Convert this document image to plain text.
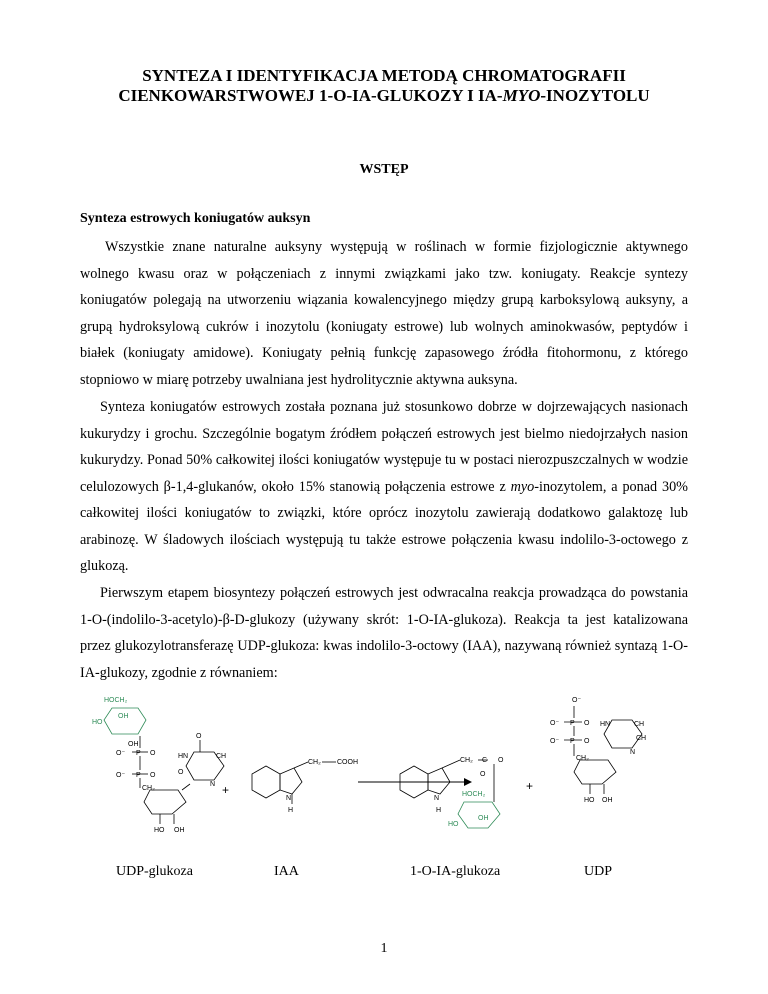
SYNTEZA I IDENTYFIKACJA METODĄ CHROMATOGRAFII
CIENKOWARSTWOWEJ 1-O-IA-GLUKOZY I IA-MYO-INOZYTOLU
WSTĘP
Synteza estrowych koniugatów auksyn

Wszystkie znane naturalne auksyny występują w roślinach w formie fizjologicznie aktywnego wolnego kwasu oraz w połączeniach z innymi związkami jako tzw. koniugaty. Reakcje syntezy koniugatów polegają na utworzeniu wiązania kowalencyjnego między grupą karboksylową auksyny, a grupą hydroksylową cukrów i inozytolu (koniugaty estrowe) lub wolnych aminokwasów, peptydów i białek (koniugaty amidowe). Koniugaty pełnią funkcję zapasowego źródła fitohormonu, z którego stopniowo w miarę potrzeby uwalniana jest hydrolitycznie aktywna auksyna.

Synteza koniugatów estrowych została poznana już stosunkowo dobrze w dojrzewających nasionach kukurydzy i grochu. Szczególnie bogatym źródłem połączeń estrowych jest bielmo niedojrzałych nasion kukurydzy. Ponad 50% całkowitej ilości koniugatów występuje tu w postaci nierozpuszczalnych w wodzie celulozowych β-1,4-glukanów, około 15% stanowią połączenia estrowe z myo-inozytolem, a ponad 30% całkowitej ilości koniugatów to związki, które oprócz inozytolu zawierają dodatkowo galaktozę lub arabinozę. W śladowych ilościach występują tu także estrowe połączenia kwasu indolilo-3-octowego z glukozą.

Pierwszym etapem biosyntezy połączeń estrowych jest odwracalna reakcja prowadząca do powstania 1-O-(indolilo-3-acetylo)-β-D-glukozy (używany skrót: 1-O-IA-glukoza). Reakcja ta jest katalizowana przez glukozylotransferazę UDP-glukoza: kwas indolilo-3-octowy (IAA), nazywaną również syntazą 1-O-IA-glukozy, zgodnie z równaniem:

HOCH₂
OH
HO
OH
O⁻ P O
O⁻ P O
CH₂
HN
O
CH
O
N
HO OH
+
CH₂ COOH
N
H
CH₂ C O
O
N
H
HOCH₂
OH
HO
+
O⁻
O⁻ P O
O⁻ P O
CH₂
HN	CH
CH
N
HO OH
UDP-glukoza	IAA	1-O-IA-glukoza	UDP
1
